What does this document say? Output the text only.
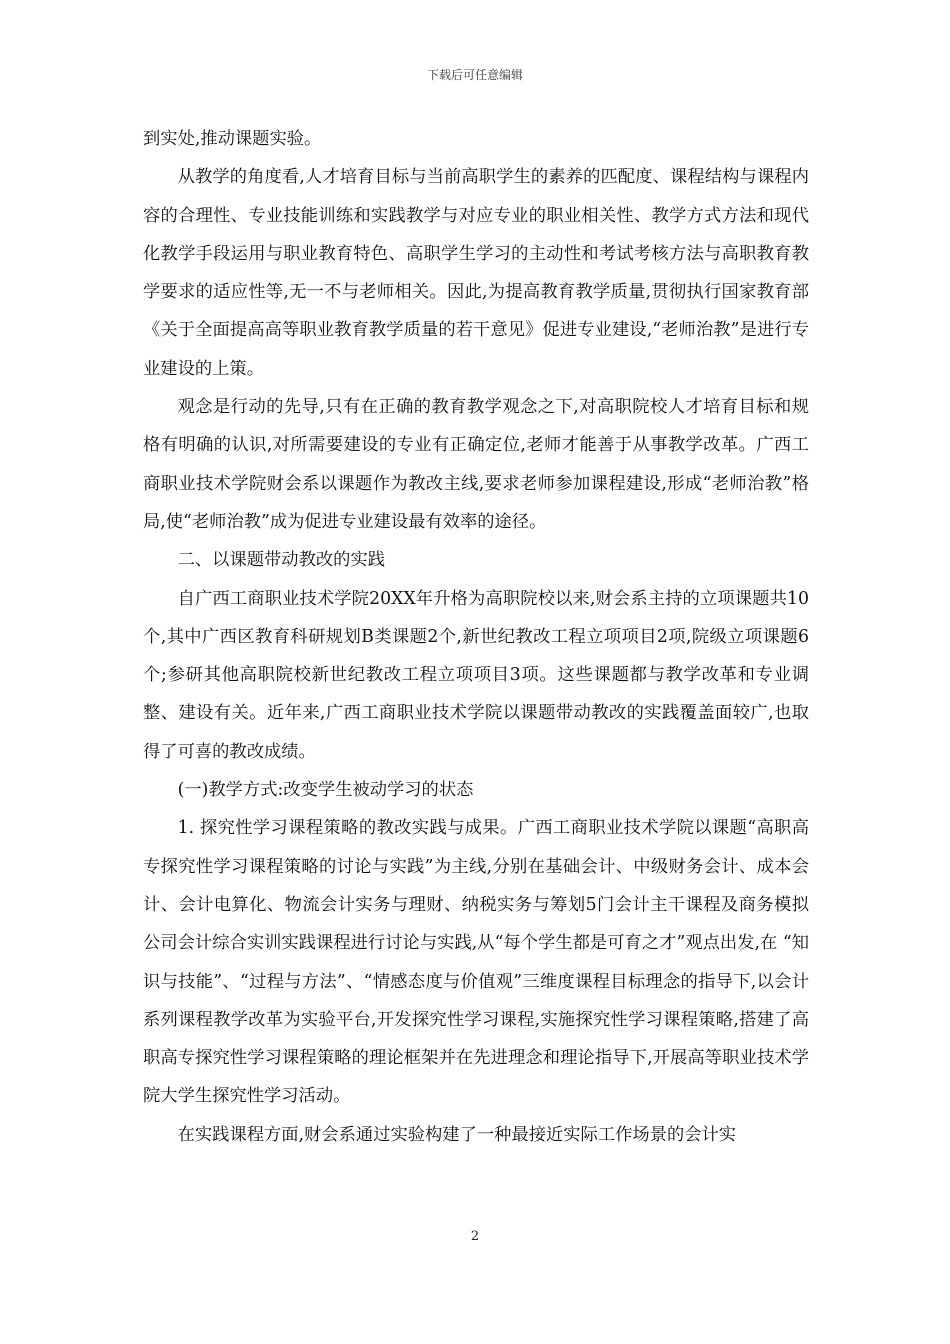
下载后可任意编辑

到实处,推动课题实验。

从教学的角度看,人才培育目标与当前高职学生的素养的匹配度、课程结构与课程内容的合理性、专业技能训练和实践教学与对应专业的职业相关性、教学方式方法和现代化教学手段运用与职业教育特色、高职学生学习的主动性和考试考核方法与高职教育教学要求的适应性等,无一不与老师相关。因此,为提高教育教学质量,贯彻执行国家教育部《关于全面提高高等职业教育教学质量的若干意见》促进专业建设,“老师治教”是进行专业建设的上策。

观念是行动的先导,只有在正确的教育教学观念之下,对高职院校人才培育目标和规格有明确的认识,对所需要建设的专业有正确定位,老师才能善于从事教学改革。广西工商职业技术学院财会系以课题作为教改主线,要求老师参加课程建设,形成“老师治教”格局,使“老师治教”成为促进专业建设最有效率的途径。

二、以课题带动教改的实践

自广西工商职业技术学院20XX年升格为高职院校以来,财会系主持的立项课题共10个,其中广西区教育科研规划B类课题2个,新世纪教改工程立项项目2项,院级立项课题6个;参研其他高职院校新世纪教改工程立项项目3项。这些课题都与教学改革和专业调整、建设有关。近年来,广西工商职业技术学院以课题带动教改的实践覆盖面较广,也取得了可喜的教改成绩。

(一)教学方式:改变学生被动学习的状态

1. 探究性学习课程策略的教改实践与成果。广西工商职业技术学院以课题“高职高专探究性学习课程策略的讨论与实践”为主线,分别在基础会计、中级财务会计、成本会计、会计电算化、物流会计实务与理财、纳税实务与筹划5门会计主干课程及商务模拟公司会计综合实训实践课程进行讨论与实践,从“每个学生都是可育之才”观点出发,在 “知识与技能”、“过程与方法”、“情感态度与价值观”三维度课程目标理念的指导下,以会计系列课程教学改革为实验平台,开发探究性学习课程,实施探究性学习课程策略,搭建了高职高专探究性学习课程策略的理论框架并在先进理念和理论指导下,开展高等职业技术学院大学生探究性学习活动。

在实践课程方面,财会系通过实验构建了一种最接近实际工作场景的会计实

2
